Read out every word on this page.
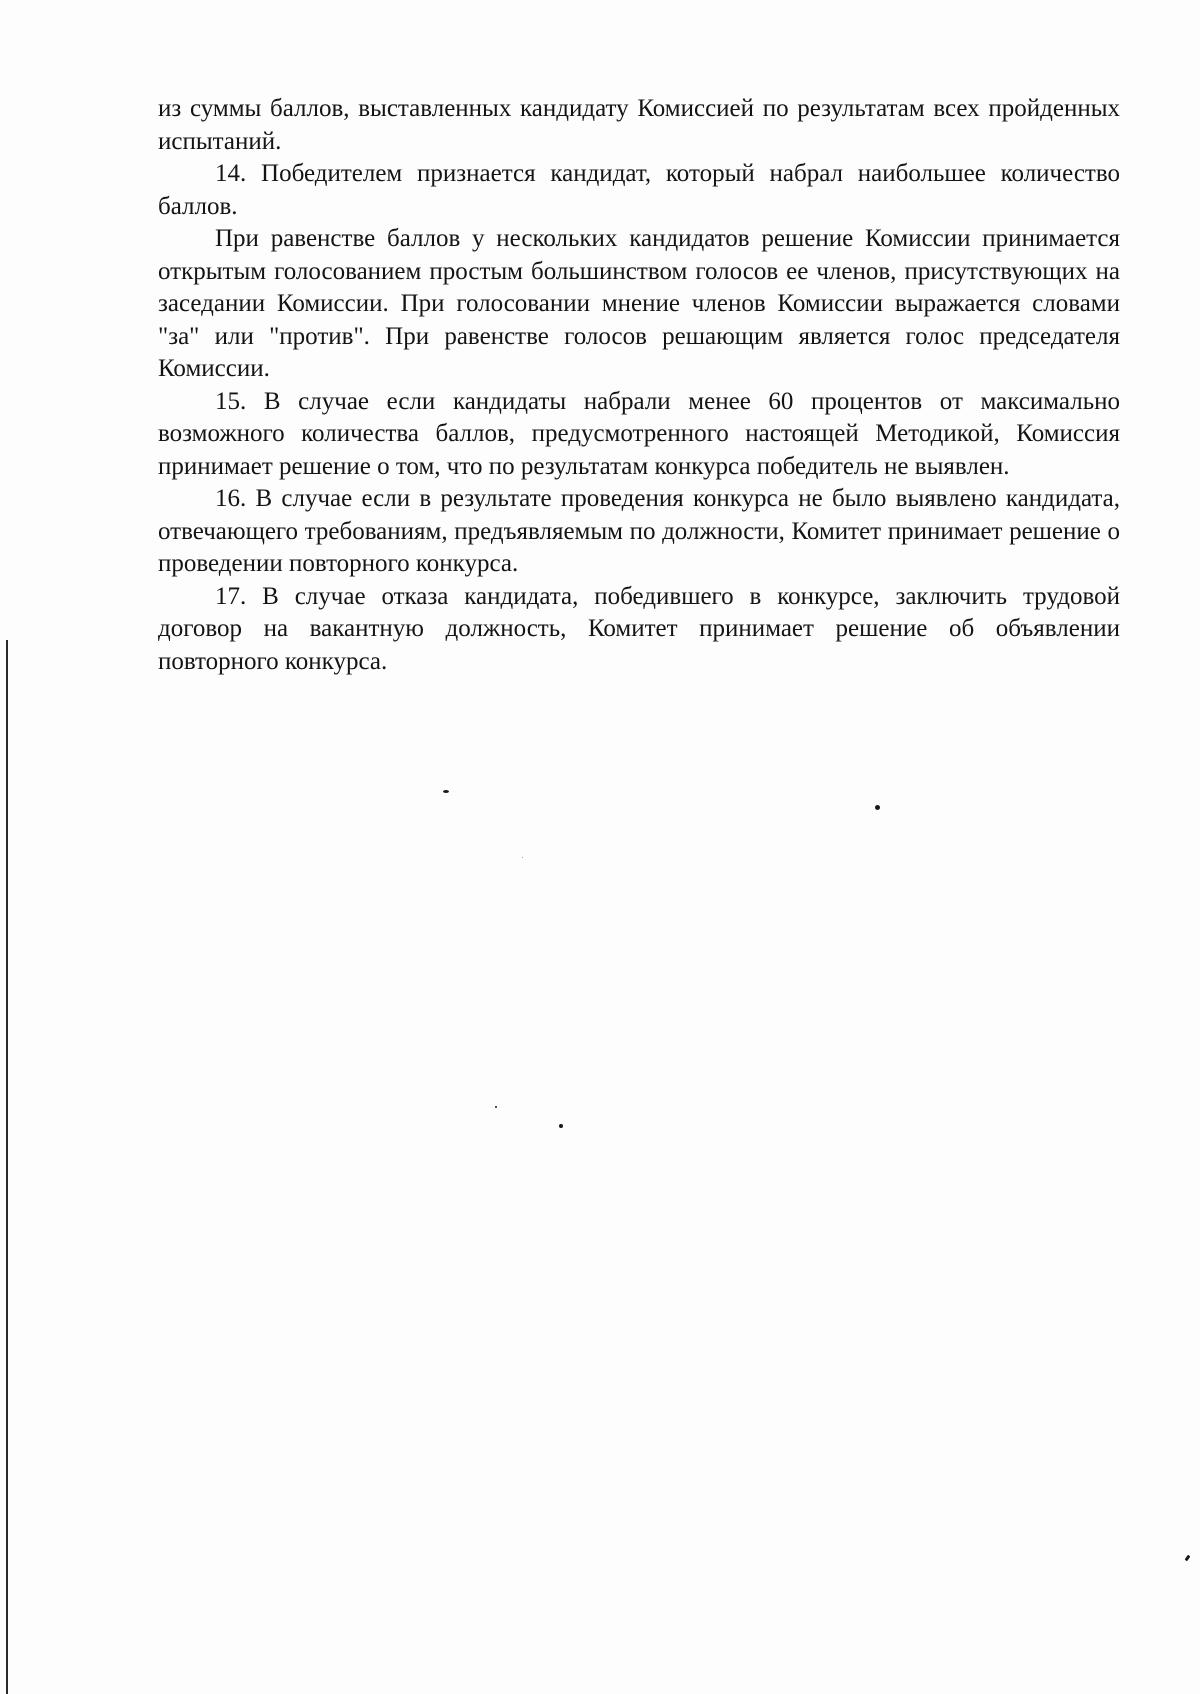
из суммы баллов, выставленных кандидату Комиссией по результатам всех пройденных испытаний.

14. Победителем признается кандидат, который набрал наибольшее количество баллов.

При равенстве баллов у нескольких кандидатов решение Комиссии принимается открытым голосованием простым большинством голосов ее членов, присутствующих на заседании Комиссии. При голосовании мнение членов Комиссии выражается словами "за" или "против". При равенстве голосов решающим является голос председателя Комиссии.

15. В случае если кандидаты набрали менее 60 процентов от максимально возможного количества баллов, предусмотренного настоящей Методикой, Комиссия принимает решение о том, что по результатам конкурса победитель не выявлен.

16. В случае если в результате проведения конкурса не было выявлено кандидата, отвечающего требованиям, предъявляемым по должности, Комитет принимает решение о проведении повторного конкурса.

17. В случае отказа кандидата, победившего в конкурсе, заключить трудовой договор на вакантную должность, Комитет принимает решение об объявлении повторного конкурса.
